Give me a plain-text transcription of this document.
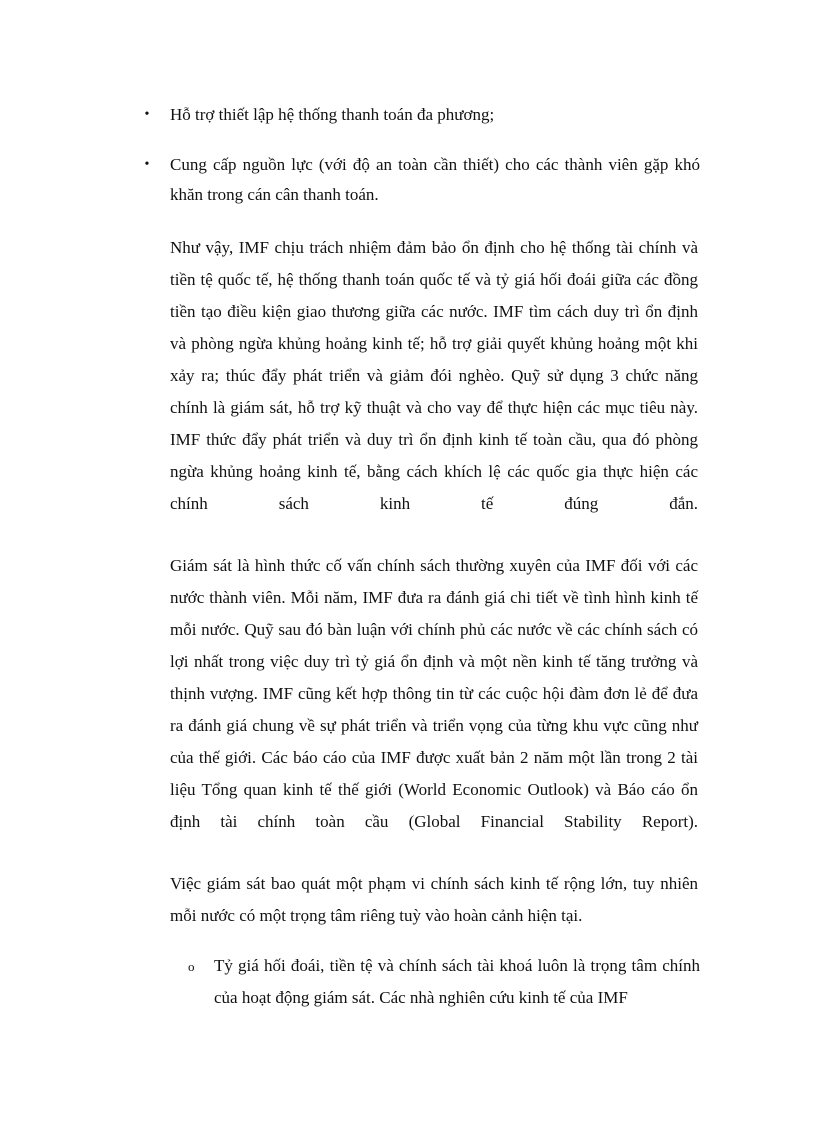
• Hỗ trợ thiết lập hệ thống thanh toán đa phương;
• Cung cấp nguồn lực (với độ an toàn cần thiết) cho các thành viên gặp khó khăn trong cán cân thanh toán.

Như vậy, IMF chịu trách nhiệm đảm bảo ổn định cho hệ thống tài chính và tiền tệ quốc tế, hệ thống thanh toán quốc tế và tỷ giá hối đoái giữa các đồng tiền tạo điều kiện giao thương giữa các nước. IMF tìm cách duy trì ổn định và phòng ngừa khủng hoảng kinh tế; hỗ trợ giải quyết khủng hoảng một khi xảy ra; thúc đẩy phát triển và giảm đói nghèo. Quỹ sử dụng 3 chức năng chính là giám sát, hỗ trợ kỹ thuật và cho vay để thực hiện các mục tiêu này. IMF thức đẩy phát triển và duy trì ổn định kinh tế toàn cầu, qua đó phòng ngừa khủng hoảng kinh tế, bằng cách khích lệ các quốc gia thực hiện các chính sách kinh tế đúng đắn.

Giám sát là hình thức cố vấn chính sách thường xuyên của IMF đối với các nước thành viên. Mỗi năm, IMF đưa ra đánh giá chi tiết về tình hình kinh tế mỗi nước. Quỹ sau đó bàn luận với chính phủ các nước về các chính sách có lợi nhất trong việc duy trì tỷ giá ổn định và một nền kinh tế tăng trưởng và thịnh vượng. IMF cũng kết hợp thông tin từ các cuộc hội đàm đơn lẻ để đưa ra đánh giá chung về sự phát triển và triển vọng của từng khu vực cũng như của thế giới. Các báo cáo của IMF được xuất bản 2 năm một lần trong 2 tài liệu Tổng quan kinh tế thế giới (World Economic Outlook) và Báo cáo ổn định tài chính toàn cầu (Global Financial Stability Report).

Việc giám sát bao quát một phạm vi chính sách kinh tế rộng lớn, tuy nhiên mỗi nước có một trọng tâm riêng tuỳ vào hoàn cảnh hiện tại.

o Tỷ giá hối đoái, tiền tệ và chính sách tài khoá luôn là trọng tâm chính của hoạt động giám sát. Các nhà nghiên cứu kinh tế của IMF
